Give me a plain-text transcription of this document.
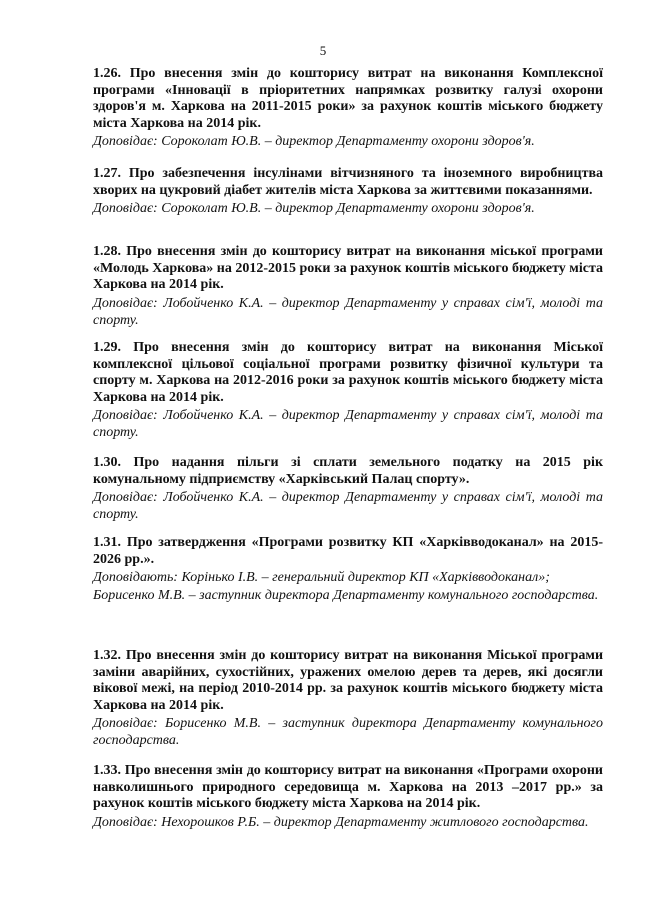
5

1.26. Про внесення змін до кошторису витрат на виконання Комплексної програми «Інновації в пріоритетних напрямках розвитку галузі охорони здоров'я м. Харкова на 2011-2015 роки» за рахунок коштів міського бюджету міста Харкова на 2014 рік.

Доповідає: Сороколат Ю.В. – директор Департаменту охорони здоров'я.

1.27. Про забезпечення інсулінами вітчизняного та іноземного виробництва хворих на цукровий діабет жителів міста Харкова за життєвими показаннями.

Доповідає: Сороколат Ю.В. – директор Департаменту охорони здоров'я.

1.28. Про внесення змін до кошторису витрат на виконання міської програми «Молодь Харкова» на 2012-2015 роки за рахунок коштів міського бюджету міста Харкова на 2014 рік.

Доповідає: Лобойченко К.А. – директор Департаменту у справах сім'ї, молоді та спорту.

1.29. Про внесення змін до кошторису витрат на виконання Міської комплексної цільової соціальної програми розвитку фізичної культури та спорту м. Харкова на 2012-2016 роки за рахунок коштів міського бюджету міста Харкова на 2014 рік.

Доповідає: Лобойченко К.А. – директор Департаменту у справах сім'ї, молоді та спорту.

1.30. Про надання пільги зі сплати земельного податку на 2015 рік комунальному підприємству «Харківський Палац спорту».

Доповідає: Лобойченко К.А. – директор Департаменту у справах сім'ї, молоді та спорту.

1.31. Про затвердження «Програми розвитку КП «Харківводоканал» на 2015-2026 рр.».

Доповідають: Корінько І.В. – генеральний директор КП «Харківводоканал»;

Борисенко М.В. – заступник директора Департаменту комунального господарства.

1.32. Про внесення змін до кошторису витрат на виконання Міської програми заміни аварійних, сухостійних, уражених омелою дерев та дерев, які досягли вікової межі, на період 2010-2014 рр. за рахунок коштів міського бюджету міста Харкова на 2014 рік.

Доповідає: Борисенко М.В. – заступник директора Департаменту комунального господарства.

1.33. Про внесення змін до кошторису витрат на виконання «Програми охорони навколишнього природного середовища м. Харкова на 2013 –2017 рр.» за рахунок коштів міського бюджету міста Харкова на 2014 рік.

Доповідає: Нехорошков Р.Б. – директор Департаменту житлового господарства.
